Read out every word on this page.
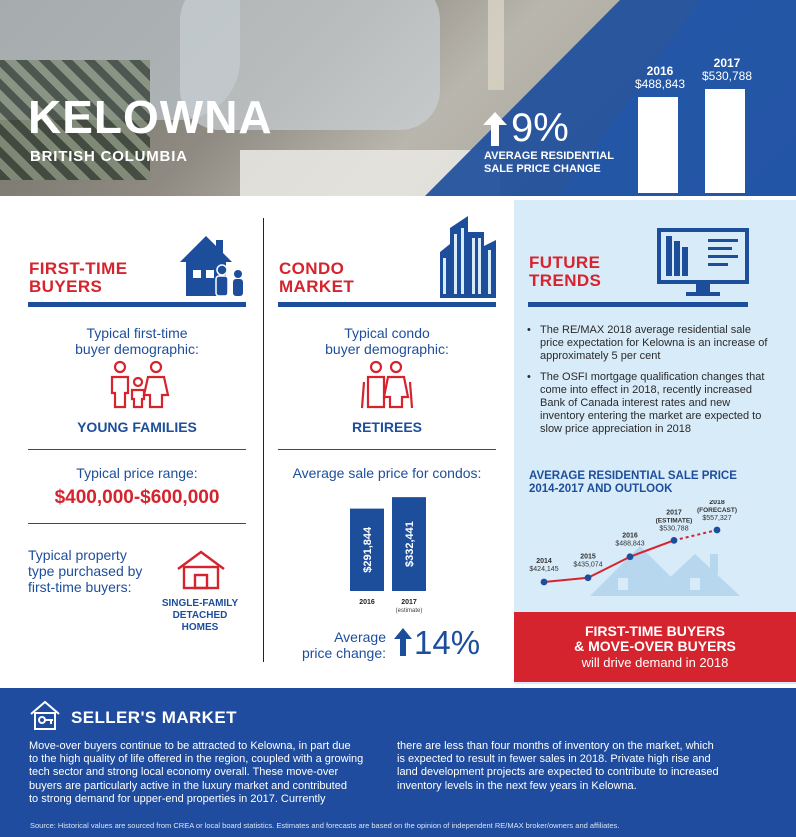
KELOWNA
BRITISH COLUMBIA
9%
AVERAGE RESIDENTIAL
SALE PRICE CHANGE
2016
$488,843
2017
$530,788
FIRST-TIME
BUYERS
Typical first-time
buyer demographic:
YOUNG FAMILIES
Typical price range:
$400,000-$600,000
Typical property
type purchased by
first-time buyers:
SINGLE-FAMILY
DETACHED
HOMES
CONDO
MARKET
Typical condo
buyer demographic:
RETIREES
Average sale price for condos:
$291,844
2016
$332,441
2017
(estimate)
Average
price change: 14%
FUTURE
TRENDS
• The RE/MAX 2018 average residential sale price expectation for Kelowna is an increase of approximately 5 per cent
• The OSFI mortgage qualification changes that come into effect in 2018, recently increased Bank of Canada interest rates and new inventory entering the market are expected to slow price appreciation in 2018
AVERAGE RESIDENTIAL SALE PRICE
2014-2017 AND OUTLOOK
2014
$424,145
2015
$435,074
2016
$488,843
2017
(ESTIMATE)
$530,788
2018
(FORECAST)
$557,327
FIRST-TIME BUYERS
& MOVE-OVER BUYERS
will drive demand in 2018
SELLER'S MARKET
Move-over buyers continue to be attracted to Kelowna, in part due
to the high quality of life offered in the region, coupled with a growing
tech sector and strong local economy overall. These move-over
buyers are particularly active in the luxury market and contributed
to strong demand for upper-end properties in 2017. Currently
there are less than four months of inventory on the market, which
is expected to result in fewer sales in 2018. Private high rise and
land development projects are expected to contribute to increased
inventory levels in the next few years in Kelowna.
Source: Historical values are sourced from CREA or local board statistics. Estimates and forecasts are based on the opinion of independent RE/MAX broker/owners and affiliates.
